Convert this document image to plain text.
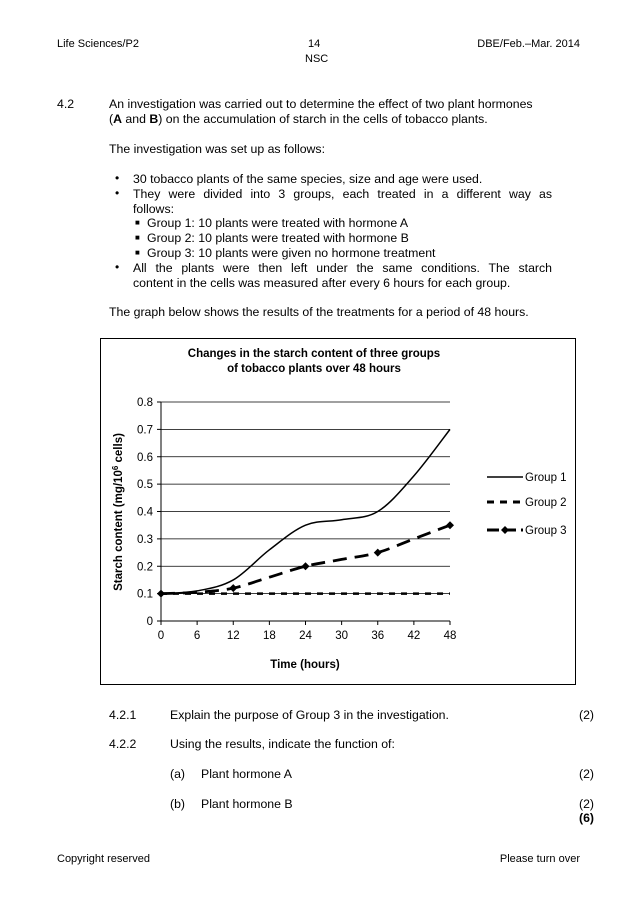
Life Sciences/P2	14
NSC
DBE/Feb.–Mar. 2014
4.2	An investigation was carried out to determine the effect of two plant hormones
(A and B) on the accumulation of starch in the cells of tobacco plants.
The investigation was set up as follows:
• 30 tobacco plants of the same species, size and age were used.
• They were divided into 3 groups, each treated in a different way as
follows:
■ Group 1: 10 plants were treated with hormone A
■ Group 2: 10 plants were treated with hormone B
■ Group 3: 10 plants were given no hormone treatment
• All the plants were then left under the same conditions. The starch
content in the cells was measured after every 6 hours for each group.
The graph below shows the results of the treatments for a period of 48 hours.
Changes in the starch content of three groups
of tobacco plants over 48 hours
0
0.1
0.2
0.3
0.4
0.5
0.6
0.7
0.8
0	6 12 18 24 30 36 42 48
Time (hours)
Starch content ($mg/10^6$ cells)
Group 1
Group 2
Group 3
4.2.1	Explain the purpose of Group 3 in the investigation.	(2)
4.2.2	Using the results, indicate the function of:
(a) Plant hormone A	(2)
(b) Plant hormone B	(2)
(6)
Copyright reserved	Please turn over
